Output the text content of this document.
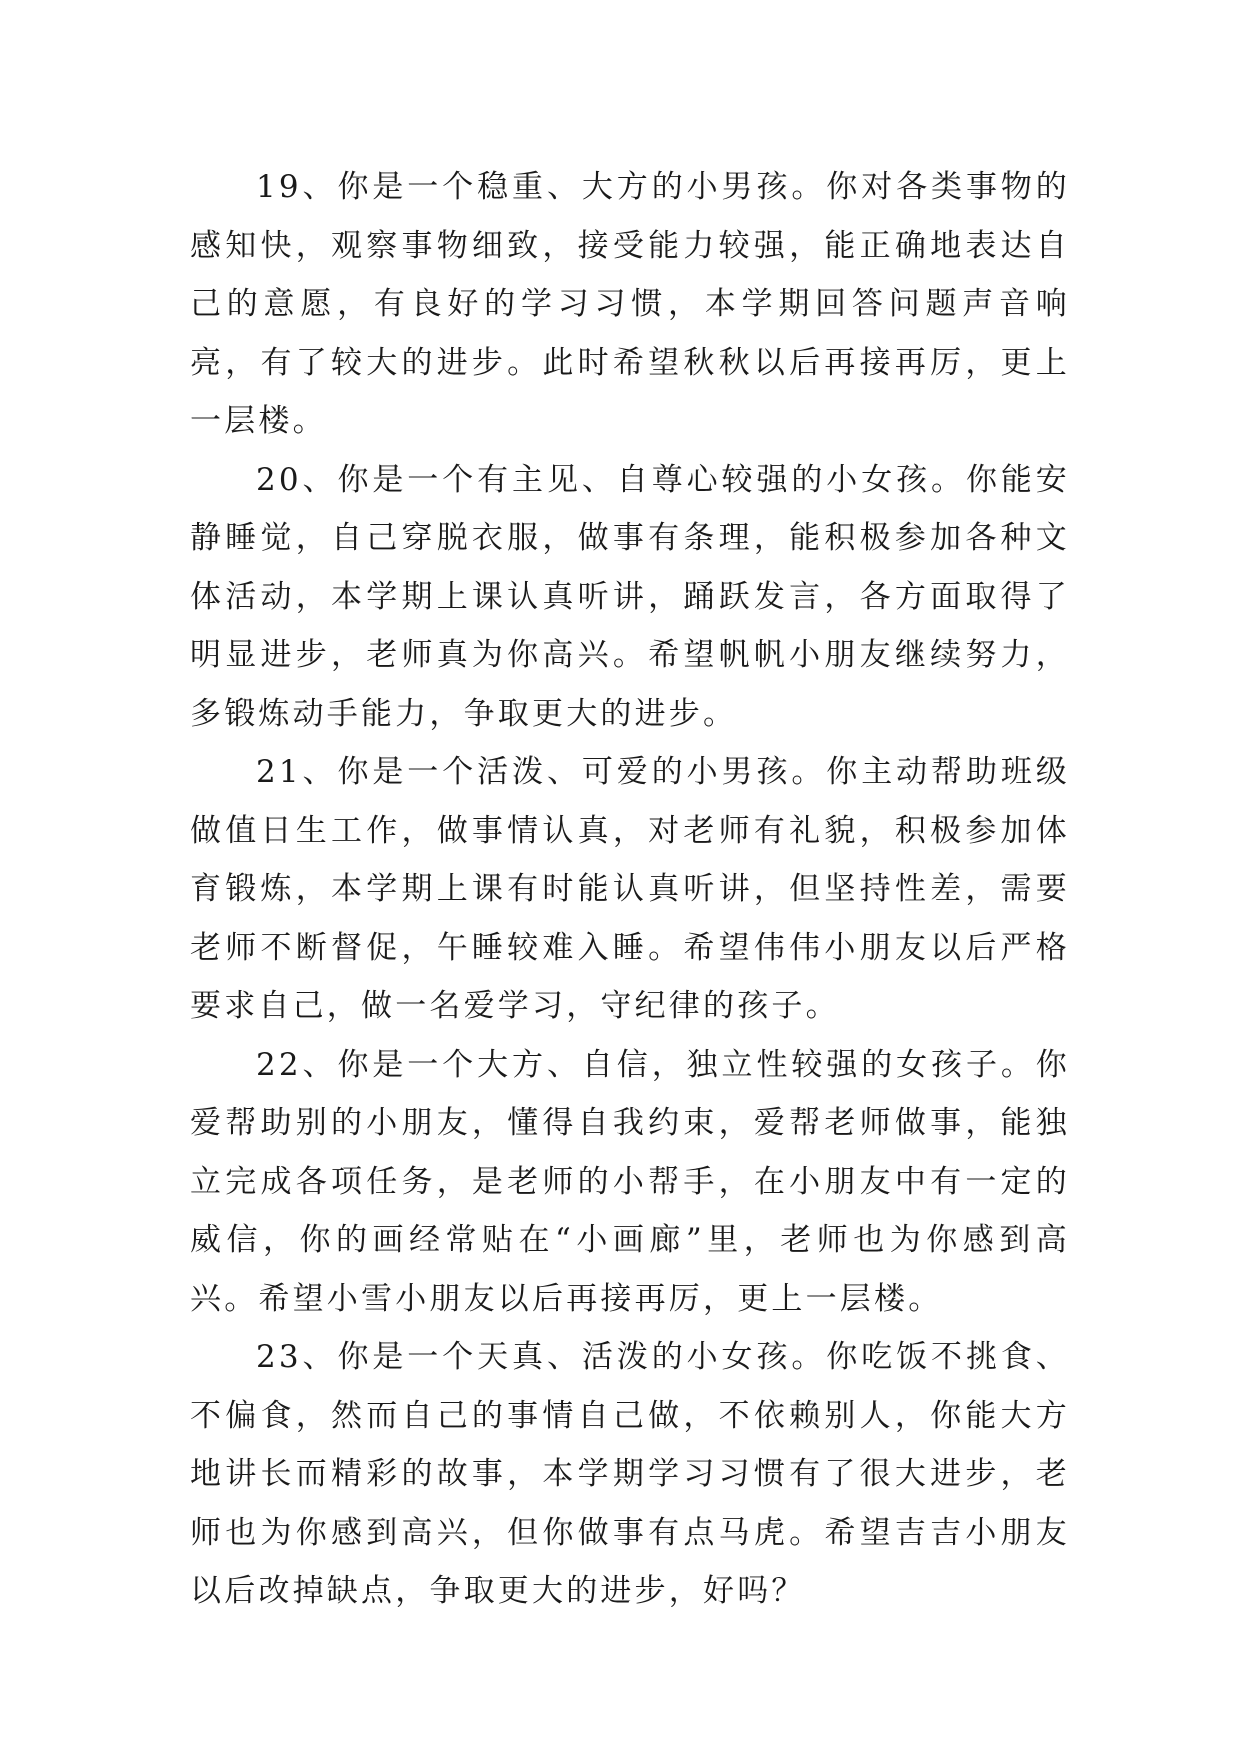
19、你是一个稳重、大方的小男孩。你对各类事物的感知快，观察事物细致，接受能力较强，能正确地表达自己的意愿，有良好的学习习惯，本学期回答问题声音响亮，有了较大的进步。此时希望秋秋以后再接再厉，更上一层楼。

20、你是一个有主见、自尊心较强的小女孩。你能安静睡觉，自己穿脱衣服，做事有条理，能积极参加各种文体活动，本学期上课认真听讲，踊跃发言，各方面取得了明显进步，老师真为你高兴。希望帆帆小朋友继续努力，多锻炼动手能力，争取更大的进步。

21、你是一个活泼、可爱的小男孩。你主动帮助班级做值日生工作，做事情认真，对老师有礼貌，积极参加体育锻炼，本学期上课有时能认真听讲，但坚持性差，需要老师不断督促，午睡较难入睡。希望伟伟小朋友以后严格要求自己，做一名爱学习，守纪律的孩子。

22、你是一个大方、自信，独立性较强的女孩子。你爱帮助别的小朋友，懂得自我约束，爱帮老师做事，能独立完成各项任务，是老师的小帮手，在小朋友中有一定的威信，你的画经常贴在“小画廊”里，老师也为你感到高兴。希望小雪小朋友以后再接再厉，更上一层楼。

23、你是一个天真、活泼的小女孩。你吃饭不挑食、不偏食，然而自己的事情自己做，不依赖别人，你能大方地讲长而精彩的故事，本学期学习习惯有了很大进步，老师也为你感到高兴，但你做事有点马虎。希望吉吉小朋友以后改掉缺点，争取更大的进步，好吗？
